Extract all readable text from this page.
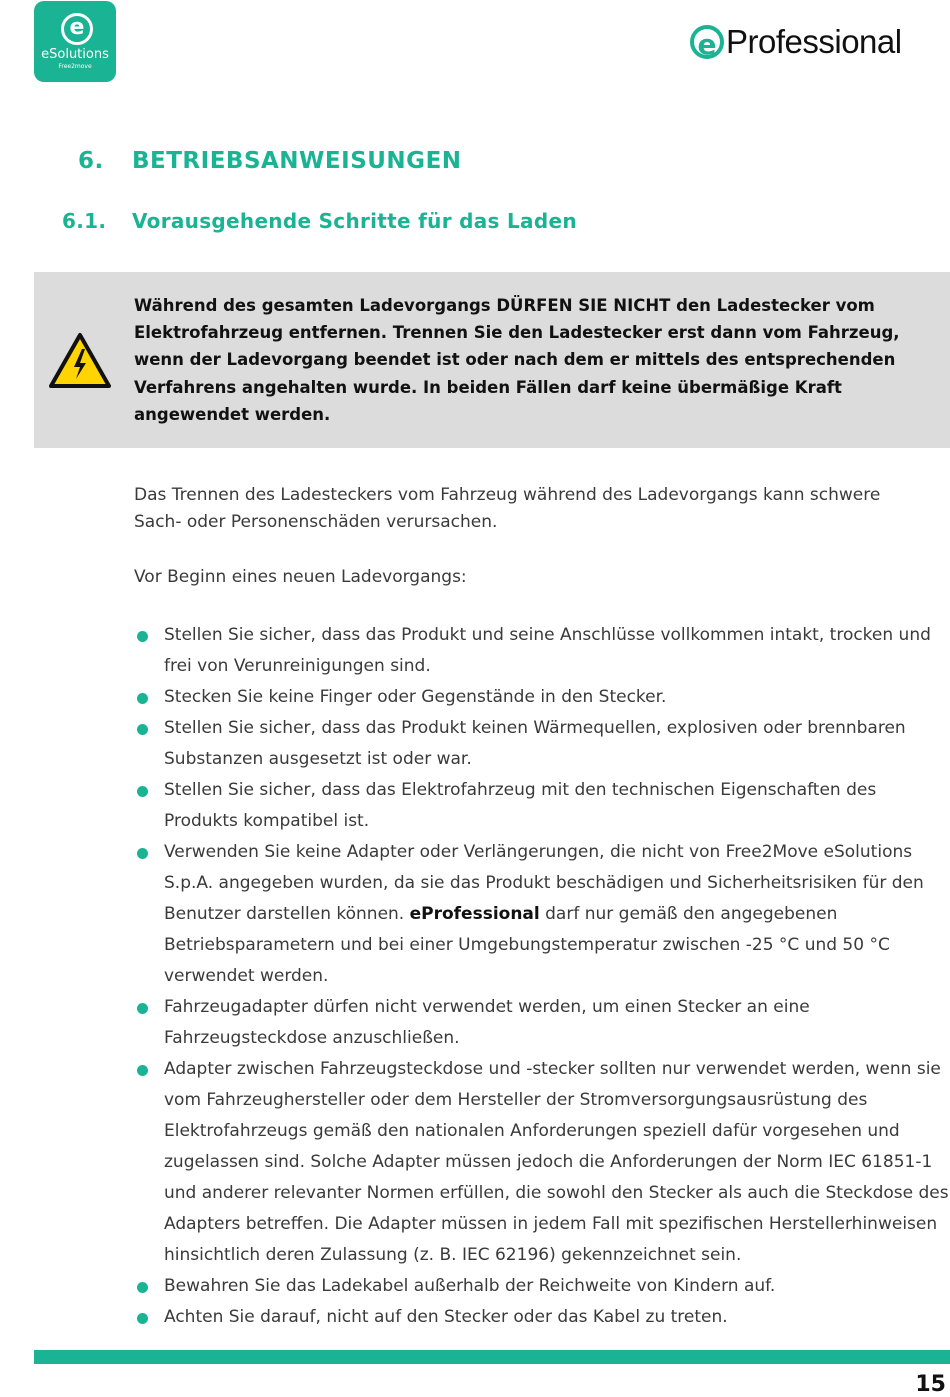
e
eSolutions
Free2move
e Professional
6. BETRIEBSANWEISUNGEN
6.1. Vorausgehende Schritte für das Laden
Während des gesamten Ladevorgangs DÜRFEN SIE NICHT den Ladestecker vom Elektrofahrzeug entfernen. Trennen Sie den Ladestecker erst dann vom Fahrzeug, wenn der Ladevorgang beendet ist oder nach dem er mittels des entsprechenden Verfahrens angehalten wurde. In beiden Fällen darf keine übermäßige Kraft angewendet werden.
Das Trennen des Ladesteckers vom Fahrzeug während des Ladevorgangs kann schwere Sach- oder Personenschäden verursachen.
Vor Beginn eines neuen Ladevorgangs:
Stellen Sie sicher, dass das Produkt und seine Anschlüsse vollkommen intakt, trocken und frei von Verunreinigungen sind.
Stecken Sie keine Finger oder Gegenstände in den Stecker.
Stellen Sie sicher, dass das Produkt keinen Wärmequellen, explosiven oder brennbaren Substanzen ausgesetzt ist oder war.
Stellen Sie sicher, dass das Elektrofahrzeug mit den technischen Eigenschaften des Produkts kompatibel ist.
Verwenden Sie keine Adapter oder Verlängerungen, die nicht von Free2Move eSolutions S.p.A. angegeben wurden, da sie das Produkt beschädigen und Sicherheitsrisiken für den Benutzer darstellen können. eProfessional darf nur gemäß den angegebenen Betriebsparametern und bei einer Umgebungstemperatur zwischen -25 °C und 50 °C verwendet werden.
Fahrzeugadapter dürfen nicht verwendet werden, um einen Stecker an eine Fahrzeugsteckdose anzuschließen.
Adapter zwischen Fahrzeugsteckdose und -stecker sollten nur verwendet werden, wenn sie vom Fahrzeughersteller oder dem Hersteller der Stromversorgungsausrüstung des Elektrofahrzeugs gemäß den nationalen Anforderungen speziell dafür vorgesehen und zugelassen sind. Solche Adapter müssen jedoch die Anforderungen der Norm IEC 61851-1 und anderer relevanter Normen erfüllen, die sowohl den Stecker als auch die Steckdose des Adapters betreffen. Die Adapter müssen in jedem Fall mit spezifischen Herstellerhinweisen hinsichtlich deren Zulassung (z. B. IEC 62196) gekennzeichnet sein.
Bewahren Sie das Ladekabel außerhalb der Reichweite von Kindern auf.
Achten Sie darauf, nicht auf den Stecker oder das Kabel zu treten.
15
